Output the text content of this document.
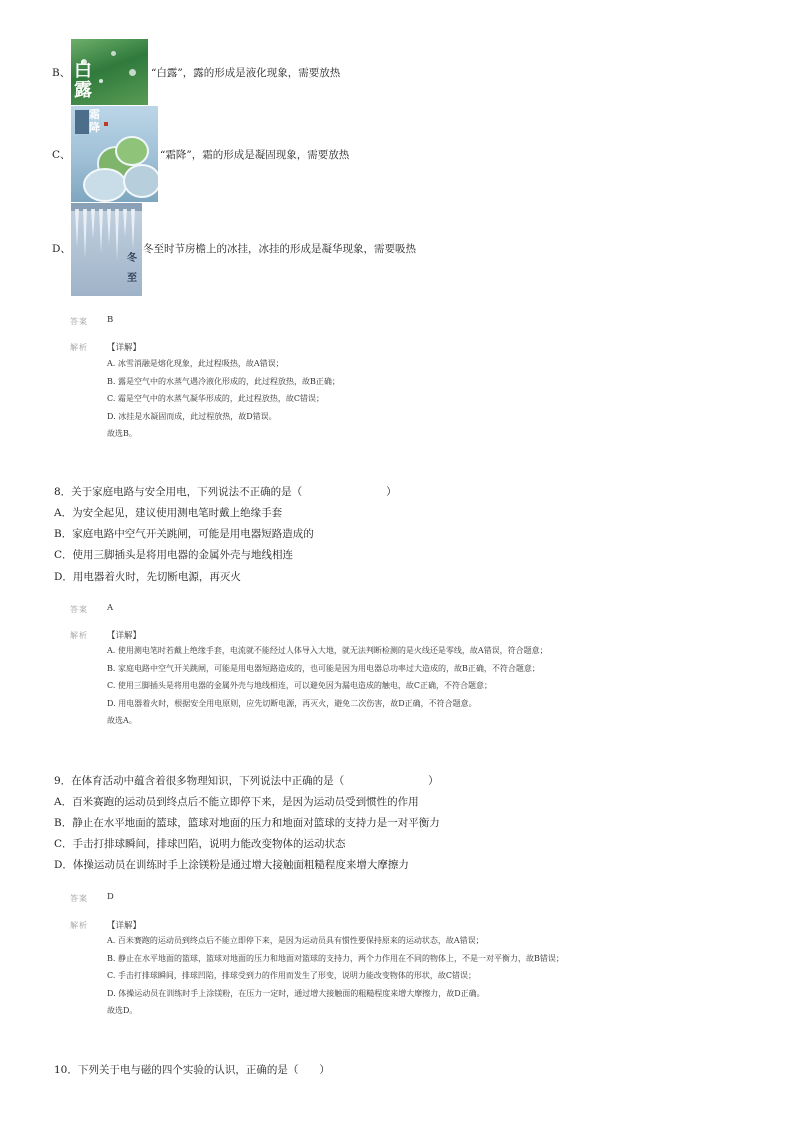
B、 白露
“白露”，露的形成是液化现象，需要放热
C、
霜降
“霜降”，霜的形成是凝固现象，需要放热
D、
冬
至
冬至时节房檐上的冰挂，冰挂的形成是凝华现象，需要吸热
答案 B
解析 【详解】
A. 冰雪消融是熔化现象，此过程吸热，故A错误；
B. 露是空气中的水蒸气遇冷液化形成的，此过程放热，故B正确；
C. 霜是空气中的水蒸气凝华形成的，此过程放热，故C错误；
D. 冰挂是水凝固而成，此过程放热，故D错误。
故选B。
8．关于家庭电路与安全用电，下列说法不正确的是（　　　　　　　　）
A．为安全起见，建议使用测电笔时戴上绝缘手套
B．家庭电路中空气开关跳闸，可能是用电器短路造成的
C．使用三脚插头是将用电器的金属外壳与地线相连
D．用电器着火时，先切断电源，再灭火
答案 A
解析 【详解】
A. 使用测电笔时若戴上绝缘手套，电流就不能经过人体导入大地，就无法判断检测的是火线还是零线，故A错误，符合题意；
B. 家庭电路中空气开关跳闸，可能是用电器短路造成的，也可能是因为用电器总功率过大造成的，故B正确，不符合题意；
C. 使用三脚插头是将用电器的金属外壳与地线相连，可以避免因为漏电造成的触电，故C正确，不符合题意；
D. 用电器着火时，根据安全用电原则，应先切断电源，再灭火，避免二次伤害，故D正确，不符合题意。
故选A。
9．在体育活动中蕴含着很多物理知识，下列说法中正确的是（　　　　　　　　）
A．百米赛跑的运动员到终点后不能立即停下来，是因为运动员受到惯性的作用
B．静止在水平地面的篮球，篮球对地面的压力和地面对篮球的支持力是一对平衡力
C．手击打排球瞬间，排球凹陷，说明力能改变物体的运动状态
D．体操运动员在训练时手上涂镁粉是通过增大接触面粗糙程度来增大摩擦力
答案 D
解析 【详解】
A. 百米赛跑的运动员到终点后不能立即停下来，是因为运动员具有惯性要保持原来的运动状态，故A错误；
B. 静止在水平地面的篮球，篮球对地面的压力和地面对篮球的支持力，两个力作用在不同的物体上，不是一对平衡力，故B错误；
C. 手击打排球瞬间，排球凹陷，排球受到力的作用而发生了形变，说明力能改变物体的形状，故C错误；
D. 体操运动员在训练时手上涂镁粉，在压力一定时，通过增大接触面的粗糙程度来增大摩擦力，故D正确。
故选D。
10．下列关于电与磁的四个实验的认识，正确的是（　　）
